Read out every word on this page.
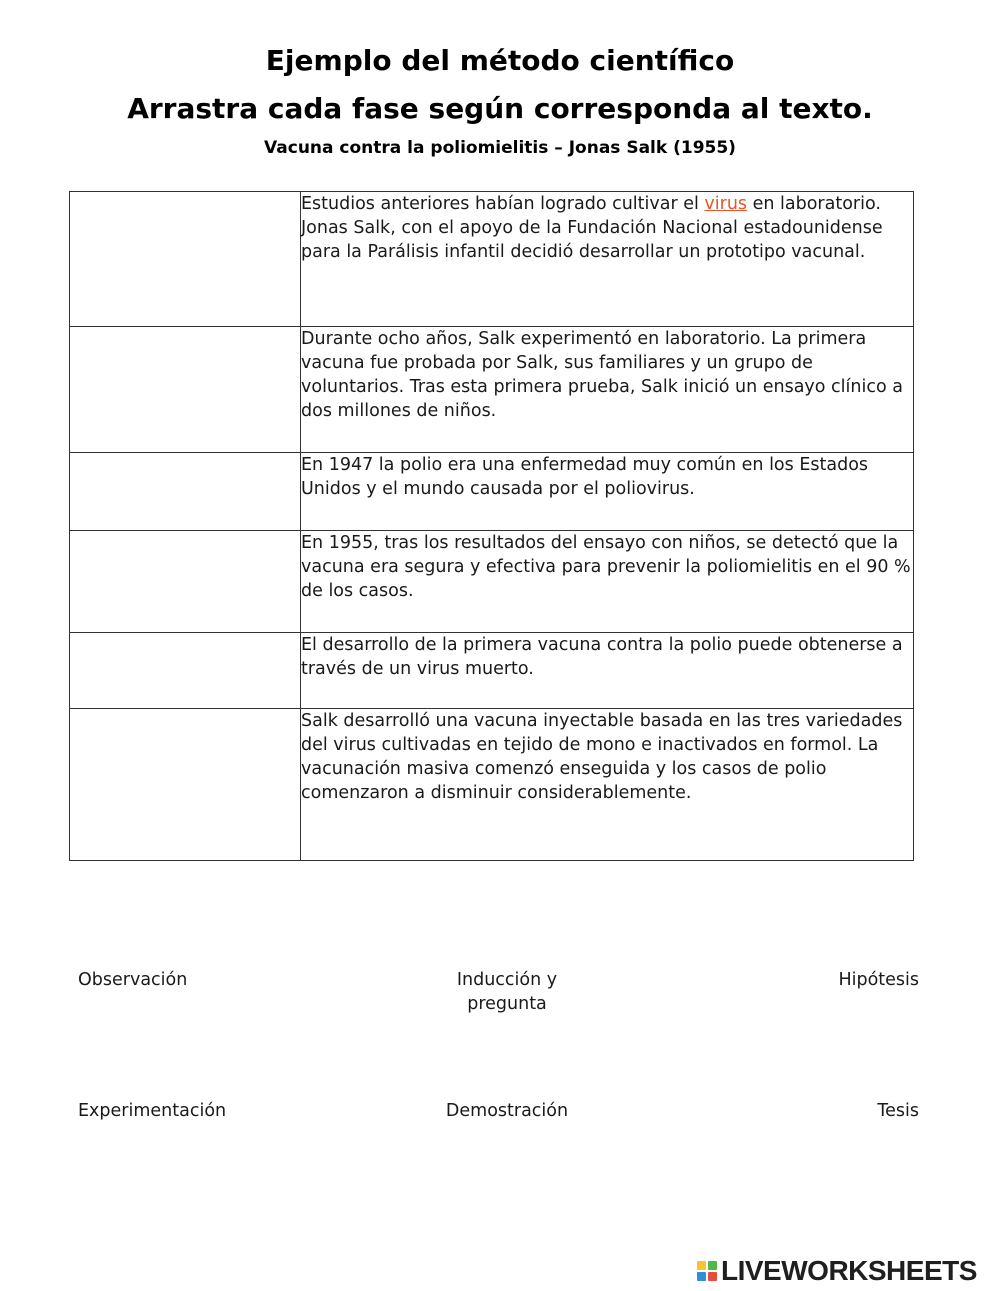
Ejemplo del método científico
Arrastra cada fase según corresponda al texto.
Vacuna contra la poliomielitis – Jonas Salk (1955)
	Estudios anteriores habían logrado cultivar el virus en laboratorio. Jonas Salk, con el apoyo de la Fundación Nacional estadounidense para la Parálisis infantil decidió desarrollar un prototipo vacunal.
	Durante ocho años, Salk experimentó en laboratorio. La primera vacuna fue probada por Salk, sus familiares y un grupo de voluntarios. Tras esta primera prueba, Salk inició un ensayo clínico a dos millones de niños.
	En 1947 la polio era una enfermedad muy común en los Estados Unidos y el mundo causada por el poliovirus.
	En 1955, tras los resultados del ensayo con niños, se detectó que la vacuna era segura y efectiva para prevenir la poliomielitis en el 90 % de los casos.
	El desarrollo de la primera vacuna contra la polio puede obtenerse a través de un virus muerto.
	Salk desarrolló una vacuna inyectable basada en las tres variedades del virus cultivadas en tejido de mono e inactivados en formol. La vacunación masiva comenzó enseguida y los casos de polio comenzaron a disminuir considerablemente.
Observación	Inducción y
pregunta
Hipótesis
Experimentación	Demostración	Tesis
LIVEWORKSHEETS
